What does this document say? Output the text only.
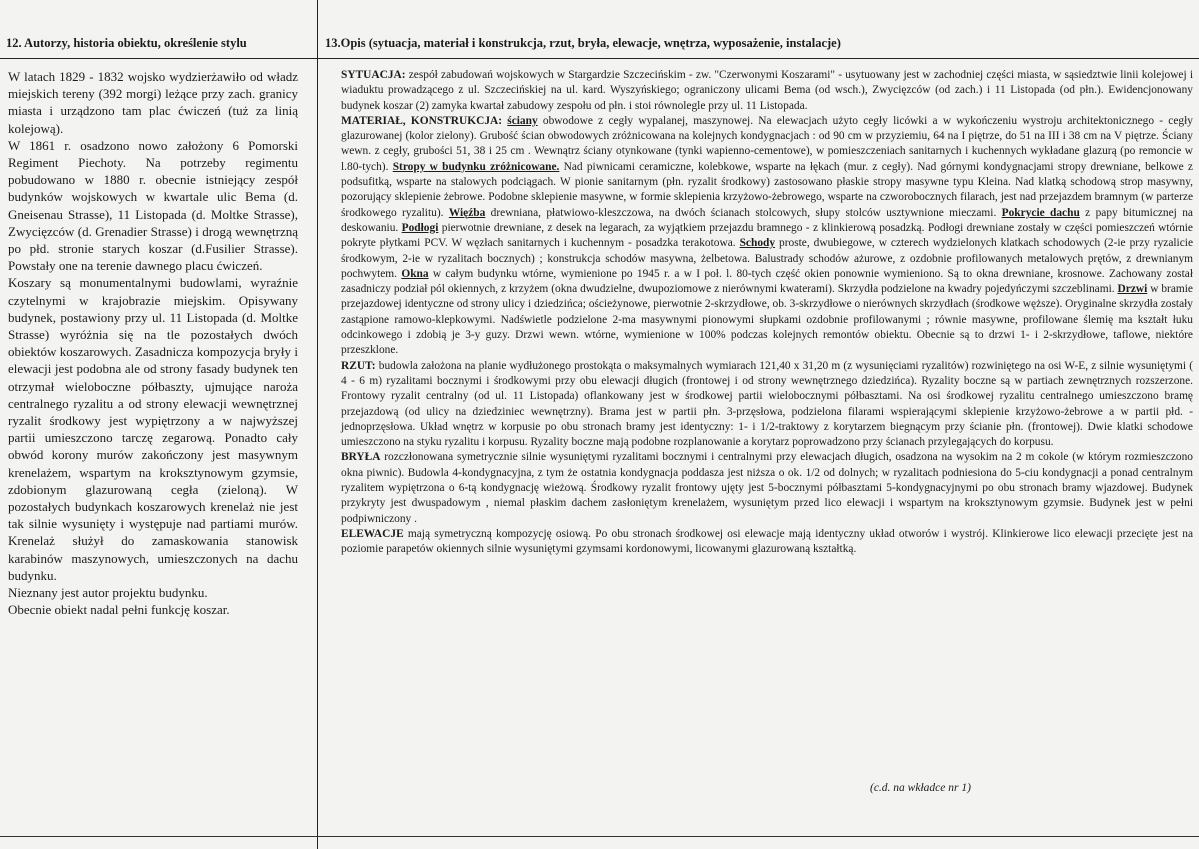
12. Autorzy, historia obiektu, określenie stylu	13.Opis (sytuacja, materiał i konstrukcja, rzut, bryła, elewacje, wnętrza, wyposażenie, instalacje)

W latach 1829 - 1832 wojsko wydzierżawiło od władz miejskich tereny (392 morgi) leżące przy zach. granicy miasta i urządzono tam plac ćwiczeń (tuż za linią kolejową).

W 1861 r. osadzono nowo założony 6 Pomorski Regiment Piechoty. Na potrzeby regimentu pobudowano w 1880 r. obecnie istniejący zespół budynków wojskowych w kwartale ulic Bema (d. Gneisenau Strasse), 11 Listopada (d. Moltke Strasse), Zwycięzców (d. Grenadier Strasse) i drogą wewnętrzną po płd. stronie starych koszar (d.Fusilier Strasse). Powstały one na terenie dawnego placu ćwiczeń.

Koszary są monumentalnymi budowlami, wyraźnie czytelnymi w krajobrazie miejskim. Opisywany budynek, postawiony przy ul. 11 Listopada (d. Moltke Strasse) wyróżnia się na tle pozostałych dwóch obiektów koszarowych. Zasadnicza kompozycja bryły i elewacji jest podobna ale od strony fasady budynek ten otrzymał wieloboczne półbaszty, ujmujące naroża centralnego ryzalitu a od strony elewacji wewnętrznej ryzalit środkowy jest wypiętrzony a w najwyższej partii umieszczono tarczę zegarową. Ponadto cały obwód korony murów zakończony jest masywnym krenelażem, wspartym na kroksztynowym gzymsie, zdobionym glazurowaną cegła (zieloną). W pozostałych budynkach koszarowych krenelaż nie jest tak silnie wysunięty i występuje nad partiami murów. Krenelaż służył do zamaskowania stanowisk karabinów maszynowych, umieszczonych na dachu budynku.

Nieznany jest autor projektu budynku.

Obecnie obiekt nadal pełni funkcję koszar.

SYTUACJA: zespół zabudowań wojskowych w Stargardzie Szczecińskim - zw. "Czerwonymi Koszarami" - usytuowany jest w zachodniej części miasta, w sąsiedztwie linii kolejowej i wiaduktu prowadzącego z ul. Szczecińskiej na ul. kard. Wyszyńskiego; ograniczony ulicami Bema (od wsch.), Zwycięzców (od zach.) i 11 Listopada (od płn.). Ewidencjonowany budynek koszar (2) zamyka kwartał zabudowy zespołu od płn. i stoi równolegle przy ul. 11 Listopada.

MATERIAŁ, KONSTRUKCJA: ściany obwodowe z cegły wypalanej, maszynowej. Na elewacjach użyto cegły licówki a w wykończeniu wystroju architektonicznego - cegły glazurowanej (kolor zielony). Grubość ścian obwodowych zróżnicowana na kolejnych kondygnacjach : od 90 cm w przyziemiu, 64 na I piętrze, do 51 na III i 38 cm na V piętrze. Ściany wewn. z cegły, grubości 51, 38 i 25 cm . Wewnątrz ściany otynkowane (tynki wapienno-cementowe), w pomieszczeniach sanitarnych i kuchennych wykładane glazurą (po remoncie w l.80-tych). Stropy w budynku zróżnicowane. Nad piwnicami ceramiczne, kolebkowe, wsparte na łękach (mur. z cegły). Nad górnymi kondygnacjami stropy drewniane, belkowe z podsufitką, wsparte na stalowych podciągach. W pionie sanitarnym (płn. ryzalit środkowy) zastosowano płaskie stropy masywne typu Kleina. Nad klatką schodową strop masywny, pozorujący sklepienie żebrowe. Podobne sklepienie masywne, w formie sklepienia krzyżowo-żebrowego, wsparte na czworobocznych filarach, jest nad przejazdem bramnym (w parterze środkowego ryzalitu). Więźba drewniana, płatwiowo-kleszczowa, na dwóch ścianach stolcowych, słupy stolców usztywnione mieczami. Pokrycie dachu z papy bitumicznej na deskowaniu. Podłogi pierwotnie drewniane, z desek na legarach, za wyjątkiem przejazdu bramnego - z klinkierową posadzką. Podłogi drewniane zostały w części pomieszczeń wtórnie pokryte płytkami PCV. W węzłach sanitarnych i kuchennym - posadzka terakotowa. Schody proste, dwubiegowe, w czterech wydzielonych klatkach schodowych (2-ie przy ryzalicie środkowym, 2-ie w ryzalitach bocznych) ; konstrukcja schodów masywna, żelbetowa. Balustrady schodów ażurowe, z ozdobnie profilowanych metalowych prętów, z drewnianym pochwytem. Okna w całym budynku wtórne, wymienione po 1945 r. a w I poł. l. 80-tych część okien ponownie wymieniono. Są to okna drewniane, krosnowe. Zachowany został zasadniczy podział pól okiennych, z krzyżem (okna dwudzielne, dwupoziomowe z nierównymi kwaterami). Skrzydła podzielone na kwadry pojedyńczymi szczeblinami. Drzwi w bramie przejazdowej identyczne od strony ulicy i dziedzińca; ościeżynowe, pierwotnie 2-skrzydłowe, ob. 3-skrzydłowe o nierównych skrzydłach (środkowe węższe). Oryginalne skrzydła zostały zastąpione ramowo-klepkowymi. Nadświetle podzielone 2-ma masywnymi pionowymi słupkami ozdobnie profilowanymi ; równie masywne, profilowane ślemię ma kształt łuku odcinkowego i zdobią je 3-y guzy. Drzwi wewn. wtórne, wymienione w 100% podczas kolejnych remontów obiektu. Obecnie są to drzwi 1- i 2-skrzydłowe, taflowe, niektóre przeszklone.

RZUT: budowla założona na planie wydłużonego prostokąta o maksymalnych wymiarach 121,40 x 31,20 m (z wysunięciami ryzalitów) rozwiniętego na osi W-E, z silnie wysuniętymi ( 4 - 6 m) ryzalitami bocznymi i środkowymi przy obu elewacji długich (frontowej i od strony wewnętrznego dziedzińca). Ryzality boczne są w partiach zewnętrznych rozszerzone. Frontowy ryzalit centralny (od ul. 11 Listopada) oflankowany jest w środkowej partii wielobocznymi półbasztami. Na osi środkowej ryzalitu centralnego umieszczono bramę przejazdową (od ulicy na dziedziniec wewnętrzny). Brama jest w partii płn. 3-przęsłowa, podzielona filarami wspierającymi sklepienie krzyżowo-żebrowe a w partii płd. - jednoprzęsłowa. Układ wnętrz w korpusie po obu stronach bramy jest identyczny: 1- i 1/2-traktowy z korytarzem biegnącym przy ścianie płn. (frontowej). Dwie klatki schodowe umieszczono na styku ryzalitu i korpusu. Ryzality boczne mają podobne rozplanowanie a korytarz poprowadzono przy ścianach przylegających do korpusu.

BRYŁA rozczłonowana symetrycznie silnie wysuniętymi ryzalitami bocznymi i centralnymi przy elewacjach długich, osadzona na wysokim na 2 m cokole (w którym rozmieszczono okna piwnic). Budowla 4-kondygnacyjna, z tym że ostatnia kondygnacja poddasza jest niższa o ok. 1/2 od dolnych; w ryzalitach podniesiona do 5-ciu kondygnacji a ponad centralnym ryzalitem wypiętrzona o 6-tą kondygnację wieżową. Środkowy ryzalit frontowy ujęty jest 5-bocznymi półbasztami 5-kondygnacyjnymi po obu stronach bramy wjazdowej. Budynek przykryty jest dwuspadowym , niemal płaskim dachem zasłoniętym krenelażem, wysuniętym przed lico elewacji i wspartym na kroksztynowym gzymsie. Budynek jest w pełni podpiwniczony .

ELEWACJE mają symetryczną kompozycję osiową. Po obu stronach środkowej osi elewacje mają identyczny układ otworów i wystrój. Klinkierowe lico elewacji przecięte jest na poziomie parapetów okiennych silnie wysuniętymi gzymsami kordonowymi, licowanymi glazurowaną kształtką.

(c.d. na wkładce nr 1)
